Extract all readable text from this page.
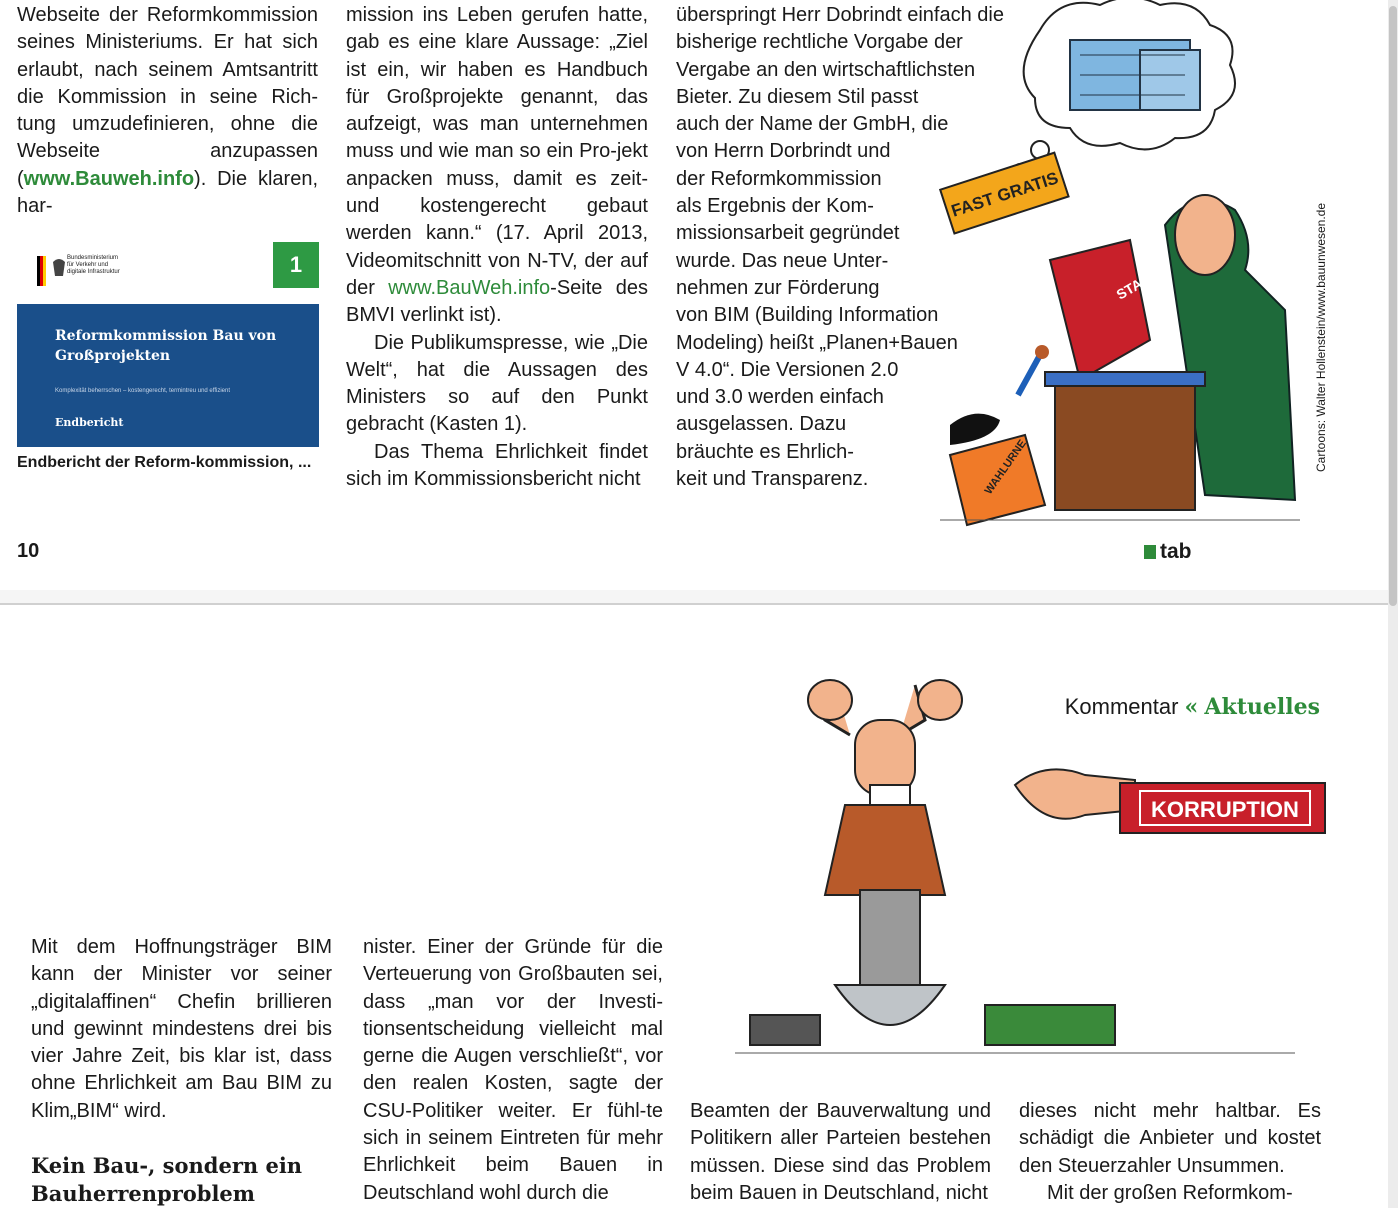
Webseite der Reformkommission seines Ministeriums. Er hat sich erlaubt, nach seinem Amtsantritt die Kommission in seine Rich-tung umzudefinieren, ohne die Webseite anzupassen (www.Bauweh.info). Die klaren, har-

Bundesministerium
für Verkehr und
digitale Infrastruktur	1
Reformkommission Bau von Großprojekten
Komplexität beherrschen – kostengerecht, termintreu und effizient
Endbericht
Endbericht der Reform-kommission, ...

mission ins Leben gerufen hatte, gab es eine klare Aussage: „Ziel ist ein, wir haben es Handbuch für Großprojekte genannt, das aufzeigt, was man unternehmen muss und wie man so ein Pro-jekt anpacken muss, damit es zeit- und kostengerecht gebaut werden kann.“ (17. April 2013, Videomitschnitt von N-TV, der auf der www.BauWeh.info-Seite des BMVI verlinkt ist).

Die Publikumspresse, wie „Die Welt“, hat die Aussagen des Ministers so auf den Punkt gebracht (Kasten 1).

Das Thema Ehrlichkeit findet sich im Kommissionsbericht nicht

überspringt Herr Dobrindt einfach die
bisherige rechtliche Vorgabe der
Vergabe an den wirtschaftlichsten
Bieter. Zu diesem Stil passt
auch der Name der GmbH, die
von Herrn Dorbrindt und
der Reformkommission
als Ergebnis der Kom-
missionsarbeit gegründet
wurde. Das neue Unter-
nehmen zur Förderung
von BIM (Building Information
Modeling) heißt „Planen+Bauen
V 4.0“. Die Versionen 2.0
und 3.0 werden einfach
ausgelassen. Dazu
bräuchte es Ehrlich-
keit und Transparenz.
FAST GRATIS
STAATS
WAHLURNE	Cartoons: Walter Hollenstein/www.bauunwesen.de
10	tab
Kommentar « Aktuelles
KORRUPTION

Mit dem Hoffnungsträger BIM kann der Minister vor seiner „digitalaffinen“ Chefin brillieren und gewinnt mindestens drei bis vier Jahre Zeit, bis klar ist, dass ohne Ehrlichkeit am Bau BIM zu Klim„BIM“ wird.

Kein Bau-, sondern ein Bauherrenproblem

nister. Einer der Gründe für die Verteuerung von Großbauten sei, dass „man vor der Investi-tionsentscheidung vielleicht mal gerne die Augen verschließt“, vor den realen Kosten, sagte der CSU-Politiker weiter. Er fühl-te sich in seinem Eintreten für mehr Ehrlichkeit beim Bauen in Deutschland wohl durch die

Beamten der Bauverwaltung und Politikern aller Parteien bestehen müssen. Diese sind das Problem beim Bauen in Deutschland, nicht

dieses nicht mehr haltbar. Es schädigt die Anbieter und kostet den Steuerzahler Unsummen.

Mit der großen Reformkom-
